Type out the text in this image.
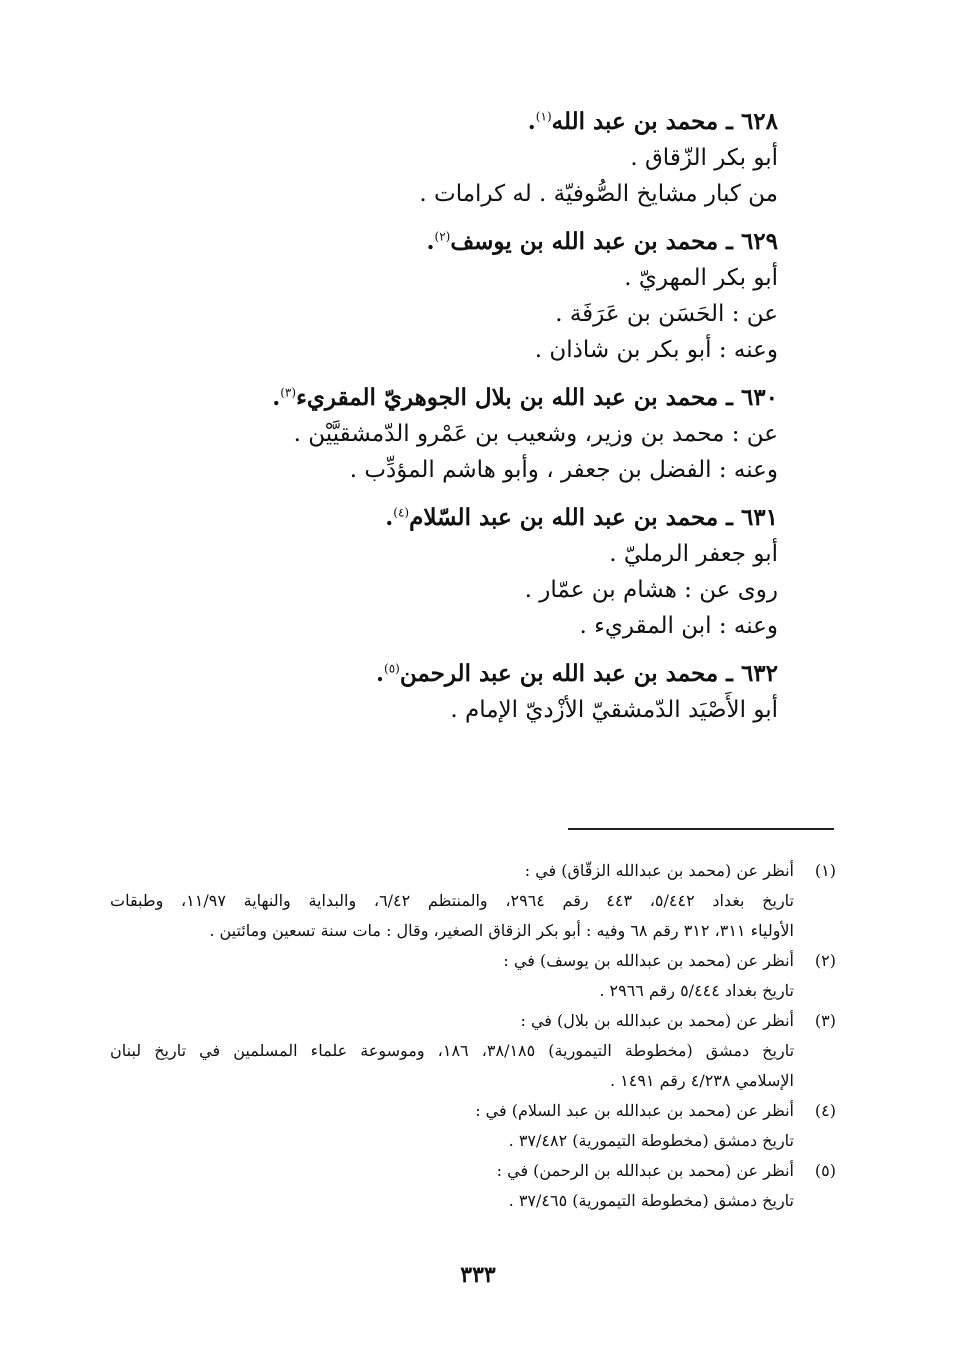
٦٢٨ ـ محمد بن عبد الله$^{(١)}$.
أبو بكر الزّقاق .
من كبار مشايخ الصُّوفيّة . له كرامات .
٦٢٩ ـ محمد بن عبد الله بن يوسف$^{(٢)}$.
أبو بكر المهريّ .
عن : الحَسَن بن عَرَفَة .
وعنه : أبو بكر بن شاذان .
٦٣٠ ـ محمد بن عبد الله بن بلال الجوهريّ المقريء$^{(٣)}$.
عن : محمد بن وزير، وشعيب بن عَمْرو الدّمشقيَّيْن .
وعنه : الفضل بن جعفر ، وأبو هاشم المؤدِّب .
٦٣١ ـ محمد بن عبد الله بن عبد السّلام$^{(٤)}$.
أبو جعفر الرمليّ .
روى عن : هشام بن عمّار .
وعنه : ابن المقريء .
٦٣٢ ـ محمد بن عبد الله بن عبد الرحمن$^{(٥)}$.
أبو الأَصْيَد الدّمشقيّ الأزْديّ الإمام .
(١)
أنظر عن (محمد بن عبدالله الزقّاق) في :
تاريخ بغداد ٥/٤٤٢، ٤٤٣ رقم ٢٩٦٤، والمنتظم ٦/٤٢، والبداية والنهاية ١١/٩٧، وطبقات
الأولياء ٣١١، ٣١٢ رقم ٦٨ وفيه : أبو بكر الزقاق الصغير، وقال : مات سنة تسعين ومائتين .
(٢)
أنظر عن (محمد بن عبدالله بن يوسف) في :
تاريخ بغداد ٥/٤٤٤ رقم ٢٩٦٦ .
(٣)
أنظر عن (محمد بن عبدالله بن بلال) في :
تاريخ دمشق (مخطوطة التيمورية) ٣٨/١٨٥، ١٨٦، وموسوعة علماء المسلمين في تاريخ لبنان
الإسلامي ٤/٢٣٨ رقم ١٤٩١ .
(٤)
أنظر عن (محمد بن عبدالله بن عبد السلام) في :
تاريخ دمشق (مخطوطة التيمورية) ٣٧/٤٨٢ .
(٥)
أنظر عن (محمد بن عبدالله بن الرحمن) في :
تاريخ دمشق (مخطوطة التيمورية) ٣٧/٤٦٥ .
٣٣٣
